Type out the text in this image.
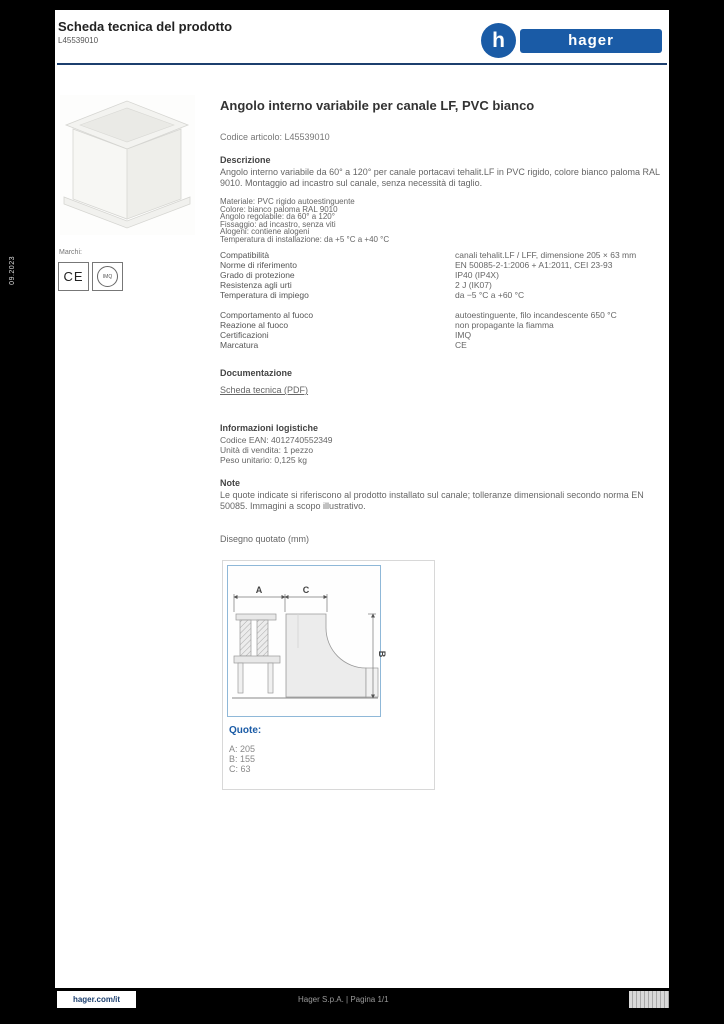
Scheda tecnica del prodotto
L45539010	h	hager
Marchi:
CE	IMQ
Angolo interno variabile per canale LF, PVC bianco
Codice articolo: L45539010

Descrizione

Angolo interno variabile da 60° a 120° per canale portacavi tehalit.LF in PVC rigido, colore bianco paloma RAL 9010. Montaggio ad incastro sul canale, senza necessità di taglio.

Materiale: PVC rigido autoestinguente
Colore: bianco paloma RAL 9010
Angolo regolabile: da 60° a 120°
Fissaggio: ad incastro, senza viti
Alogeni: contiene alogeni
Temperatura di installazione: da +5 °C a +40 °C
Compatibilità	canali tehalit.LF / LFF, dimensione 205 × 63 mm
Norme di riferimento	EN 50085-2-1:2006 + A1:2011, CEI 23-93
Grado di protezione	IP40 (IP4X)
Resistenza agli urti	2 J (IK07)
Temperatura di impiego	da −5 °C a +60 °C
Comportamento al fuoco	autoestinguente, filo incandescente 650 °C
Reazione al fuoco	non propagante la fiamma
Certificazioni	IMQ
Marcatura	CE

Documentazione

Scheda tecnica (PDF)

Informazioni logistiche

Codice EAN: 4012740552349
Unità di vendita: 1 pezzo
Peso unitario: 0,125 kg

Note

Le quote indicate si riferiscono al prodotto installato sul canale; tolleranze dimensionali secondo norma EN 50085. Immagini a scopo illustrativo.

Disegno quotato (mm)
A	C
B
Quote:
A: 205
B: 155
C: 63
hager.com/it	Hager S.p.A. | Pagina 1/1
09.2023
